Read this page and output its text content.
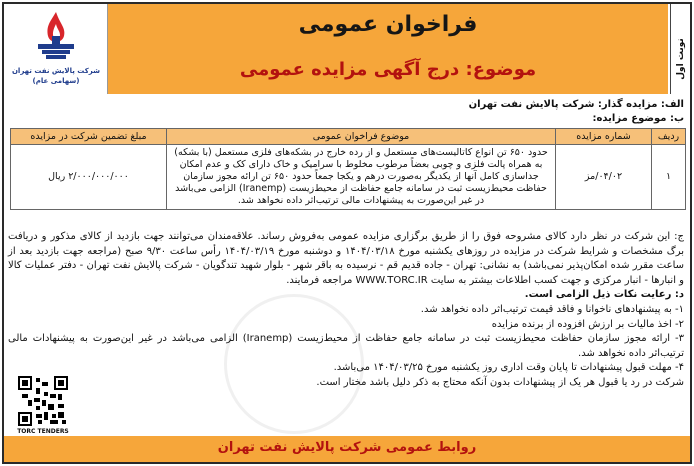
نوبت اول
فراخوان عمومی
موضوع: درج آگهی مزایده عمومی
شرکت پالایش نفت تهران (سهامی عام)
الف: مزایده گذار: شرکت پالایش نفت تهران
ب: موضوع مزایده:
ردیف	شماره مزایده	موضوع فراخوان عمومی	مبلغ تضمین شرکت در مزایده
۱	۰۴/۰۲/مز	حدود ۶۵۰ تن انواع کاتالیست‌های مستعمل و از رده خارج در بشکه‌های فلزی مستعمل (با بشکه) به همراه پالت فلزی و چوبی بعضاً مرطوب مخلوط با سرامیک و خاک دارای کک و عدم امکان جداسازی کامل آنها از یکدیگر به‌صورت درهم و یکجا جمعاً حدود ۶۵۰ تن ارائه مجوز سازمان حفاظت محیط‌زیست ثبت در سامانه جامع حفاظت از محیط‌زیست (Iranemp) الزامی می‌باشد در غیر این‌صورت به پیشنهادات مالی ترتیب‌اثر داده نخواهد شد.	۲/۰۰۰/۰۰۰/۰۰۰ ریال

ج: این شرکت در نظر دارد کالای مشروحه فوق را از طریق برگزاری مزایده عمومی به‌فروش رساند. علاقه‌مندان می‌توانند جهت بازدید از کالای مذکور و دریافت برگ مشخصات و شرایط شرکت در مزایده در روزهای یکشنبه مورخ ۱۴۰۴/۰۳/۱۸ و دوشنبه مورخ ۱۴۰۴/۰۳/۱۹ رأس ساعت ۹/۳۰ صبح (مراجعه جهت بازدید بعد از ساعت مقرر شده امکان‌پذیر نمی‌باشد) به نشانی: تهران - جاده قدیم قم - نرسیده به باقر شهر - بلوار شهید تندگویان - شرکت پالایش نفت تهران - دفتر عملیات کالا و انبارها - انبار مرکزی و جهت کسب اطلاعات بیشتر به سایت WWW.TORC.IR مراجعه فرمایند.

د: رعایت نکات ذیل الزامی است.

۱- به پیشنهادهای ناخوانا و فاقد قیمت ترتیب‌اثر داده نخواهد شد.

۲- اخذ مالیات بر ارزش افزوده از برنده مزایده

۳- ارائه مجوز سازمان حفاظت محیط‌زیست ثبت در سامانه جامع حفاظت از محیط‌زیست (Iranemp) الزامی می‌باشد در غیر این‌صورت به پیشنهادات مالی ترتیب‌اثر داده نخواهد شد.

۴- مهلت قبول پیشنهادات تا پایان وقت اداری روز یکشنبه مورخ ۱۴۰۴/۰۳/۲۵ می‌باشد.

شرکت در رد یا قبول هر یک از پیشنهادات بدون آنکه محتاج به ذکر دلیل باشد مختار است.

TORC TENDERS
روابط عمومی شرکت پالایش نفت تهران
